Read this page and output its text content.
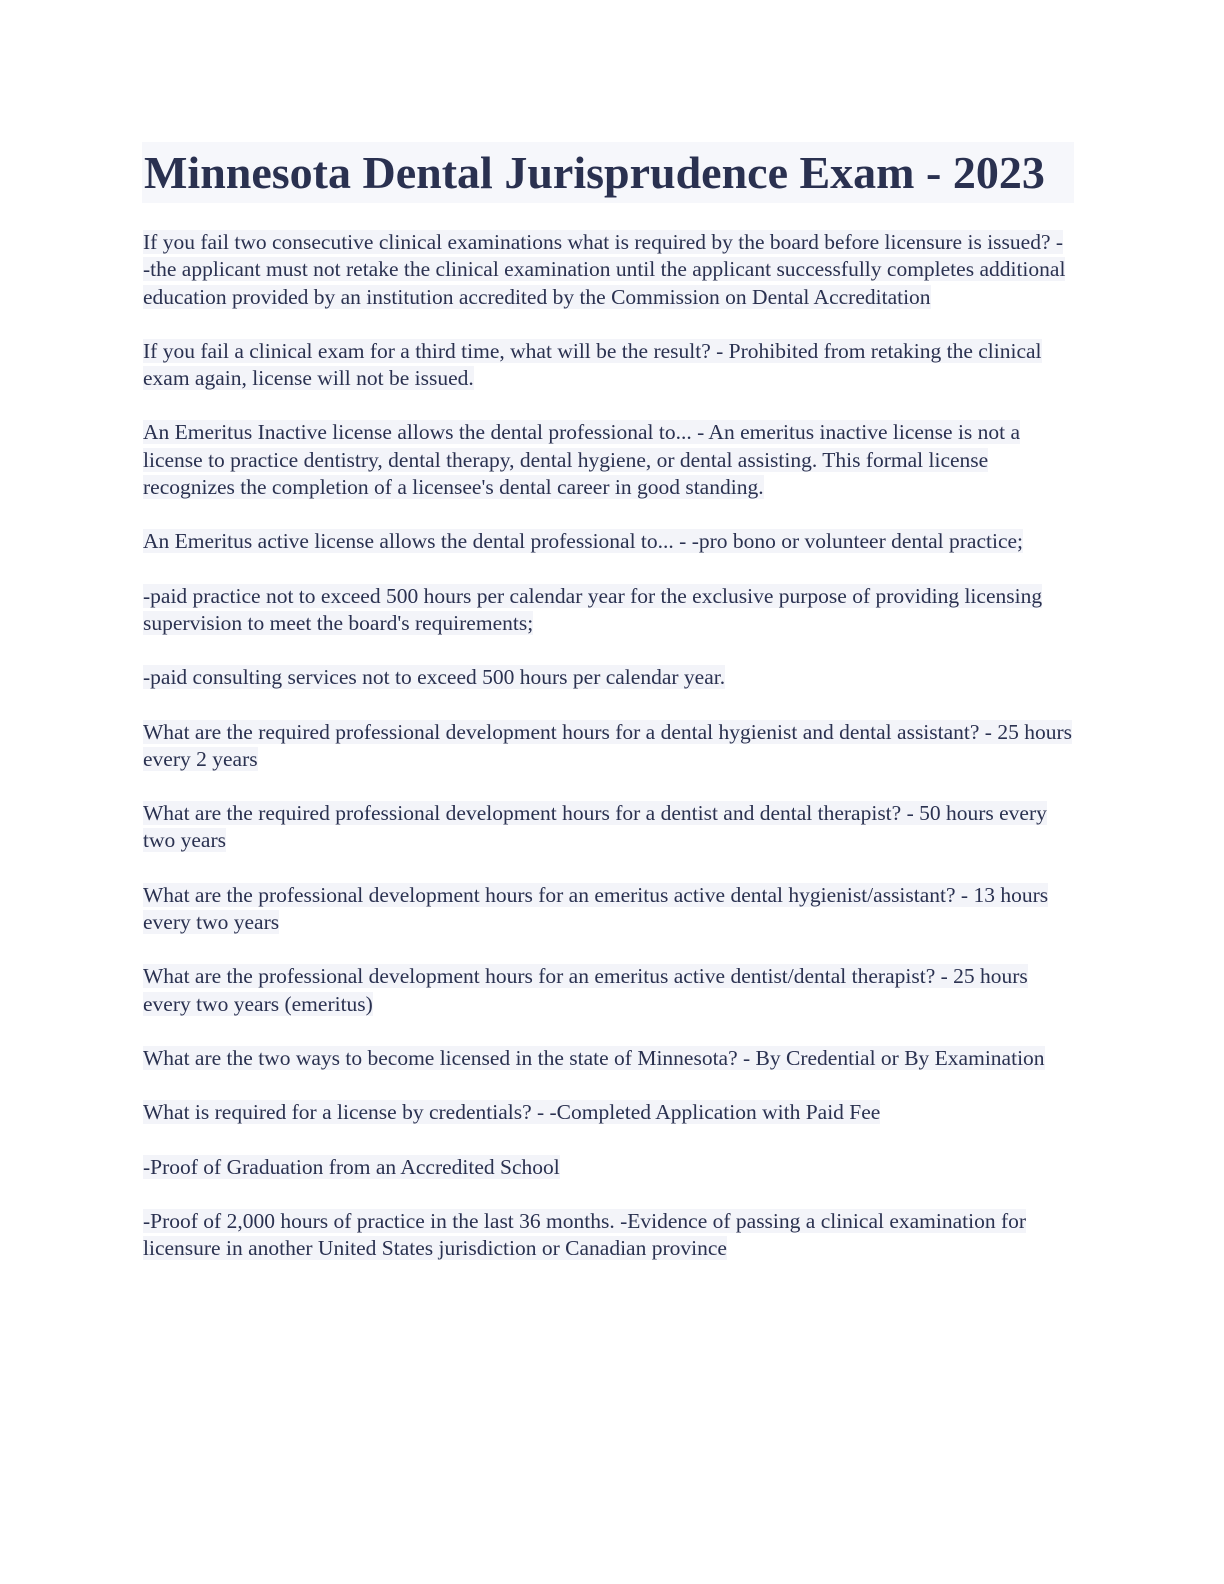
Minnesota Dental Jurisprudence Exam - 2023

If you fail two consecutive clinical examinations what is required by the board before licensure is issued? - -the applicant must not retake the clinical examination until the applicant successfully completes additional education provided by an institution accredited by the Commission on Dental Accreditation

If you fail a clinical exam for a third time, what will be the result? - Prohibited from retaking the clinical exam again, license will not be issued.

An Emeritus Inactive license allows the dental professional to... - An emeritus inactive license is not a license to practice dentistry, dental therapy, dental hygiene, or dental assisting. This formal license recognizes the completion of a licensee's dental career in good standing.

An Emeritus active license allows the dental professional to... - -pro bono or volunteer dental practice;

-paid practice not to exceed 500 hours per calendar year for the exclusive purpose of providing licensing supervision to meet the board's requirements;

-paid consulting services not to exceed 500 hours per calendar year.

What are the required professional development hours for a dental hygienist and dental assistant? - 25 hours every 2 years

What are the required professional development hours for a dentist and dental therapist? - 50 hours every two years

What are the professional development hours for an emeritus active dental hygienist/assistant? - 13 hours every two years

What are the professional development hours for an emeritus active dentist/dental therapist? - 25 hours every two years (emeritus)

What are the two ways to become licensed in the state of Minnesota? - By Credential or By Examination

What is required for a license by credentials? - -Completed Application with Paid Fee

-Proof of Graduation from an Accredited School

-Proof of 2,000 hours of practice in the last 36 months. -Evidence of passing a clinical examination for licensure in another United States jurisdiction or Canadian province
